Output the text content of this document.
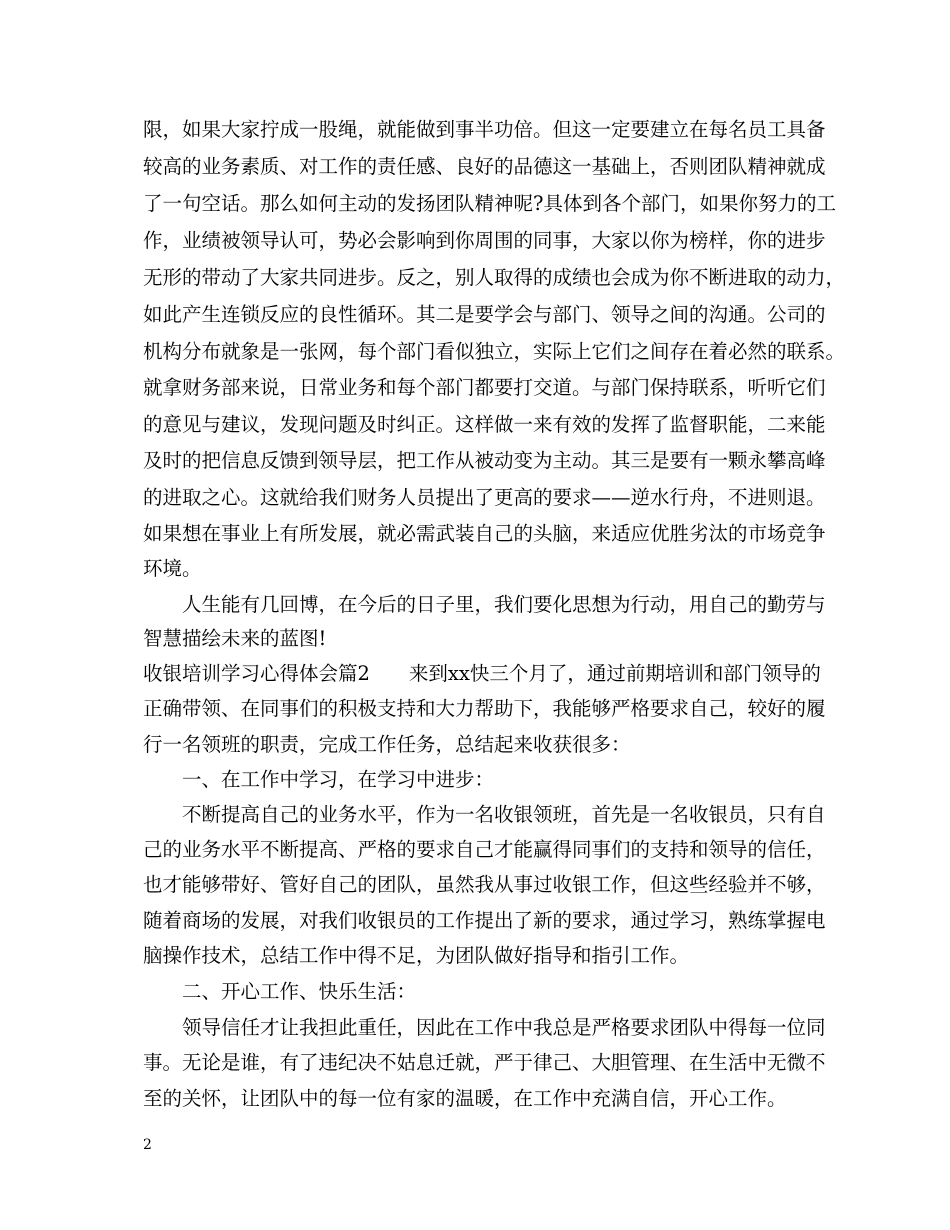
限，如果大家拧成一股绳，就能做到事半功倍。但这一定要建立在每名员工具备
较高的业务素质、对工作的责任感、良好的品德这一基础上，否则团队精神就成
了一句空话。那么如何主动的发扬团队精神呢?具体到各个部门，如果你努力的工
作，业绩被领导认可，势必会影响到你周围的同事，大家以你为榜样，你的进步
无形的带动了大家共同进步。反之，别人取得的成绩也会成为你不断进取的动力，
如此产生连锁反应的良性循环。其二是要学会与部门、领导之间的沟通。公司的
机构分布就象是一张网，每个部门看似独立，实际上它们之间存在着必然的联系。
就拿财务部来说，日常业务和每个部门都要打交道。与部门保持联系，听听它们
的意见与建议，发现问题及时纠正。这样做一来有效的发挥了监督职能，二来能
及时的把信息反馈到领导层，把工作从被动变为主动。其三是要有一颗永攀高峰
的进取之心。这就给我们财务人员提出了更高的要求——逆水行舟，不进则退。
如果想在事业上有所发展，就必需武装自己的头脑，来适应优胜劣汰的市场竞争
环境。
　　人生能有几回博，在今后的日子里，我们要化思想为行动，用自己的勤劳与
智慧描绘未来的蓝图!
收银培训学习心得体会篇2　　来到xx快三个月了，通过前期培训和部门领导的
正确带领、在同事们的积极支持和大力帮助下，我能够严格要求自己，较好的履
行一名领班的职责，完成工作任务，总结起来收获很多：
　　一、在工作中学习，在学习中进步：
　　不断提高自己的业务水平，作为一名收银领班，首先是一名收银员，只有自
己的业务水平不断提高、严格的要求自己才能赢得同事们的支持和领导的信任，
也才能够带好、管好自己的团队，虽然我从事过收银工作，但这些经验并不够，
随着商场的发展，对我们收银员的工作提出了新的要求，通过学习，熟练掌握电
脑操作技术，总结工作中得不足，为团队做好指导和指引工作。
　　二、开心工作、快乐生活：
　　领导信任才让我担此重任，因此在工作中我总是严格要求团队中得每一位同
事。无论是谁，有了违纪决不姑息迁就，严于律己、大胆管理、在生活中无微不
至的关怀，让团队中的每一位有家的温暖，在工作中充满自信，开心工作。
2
